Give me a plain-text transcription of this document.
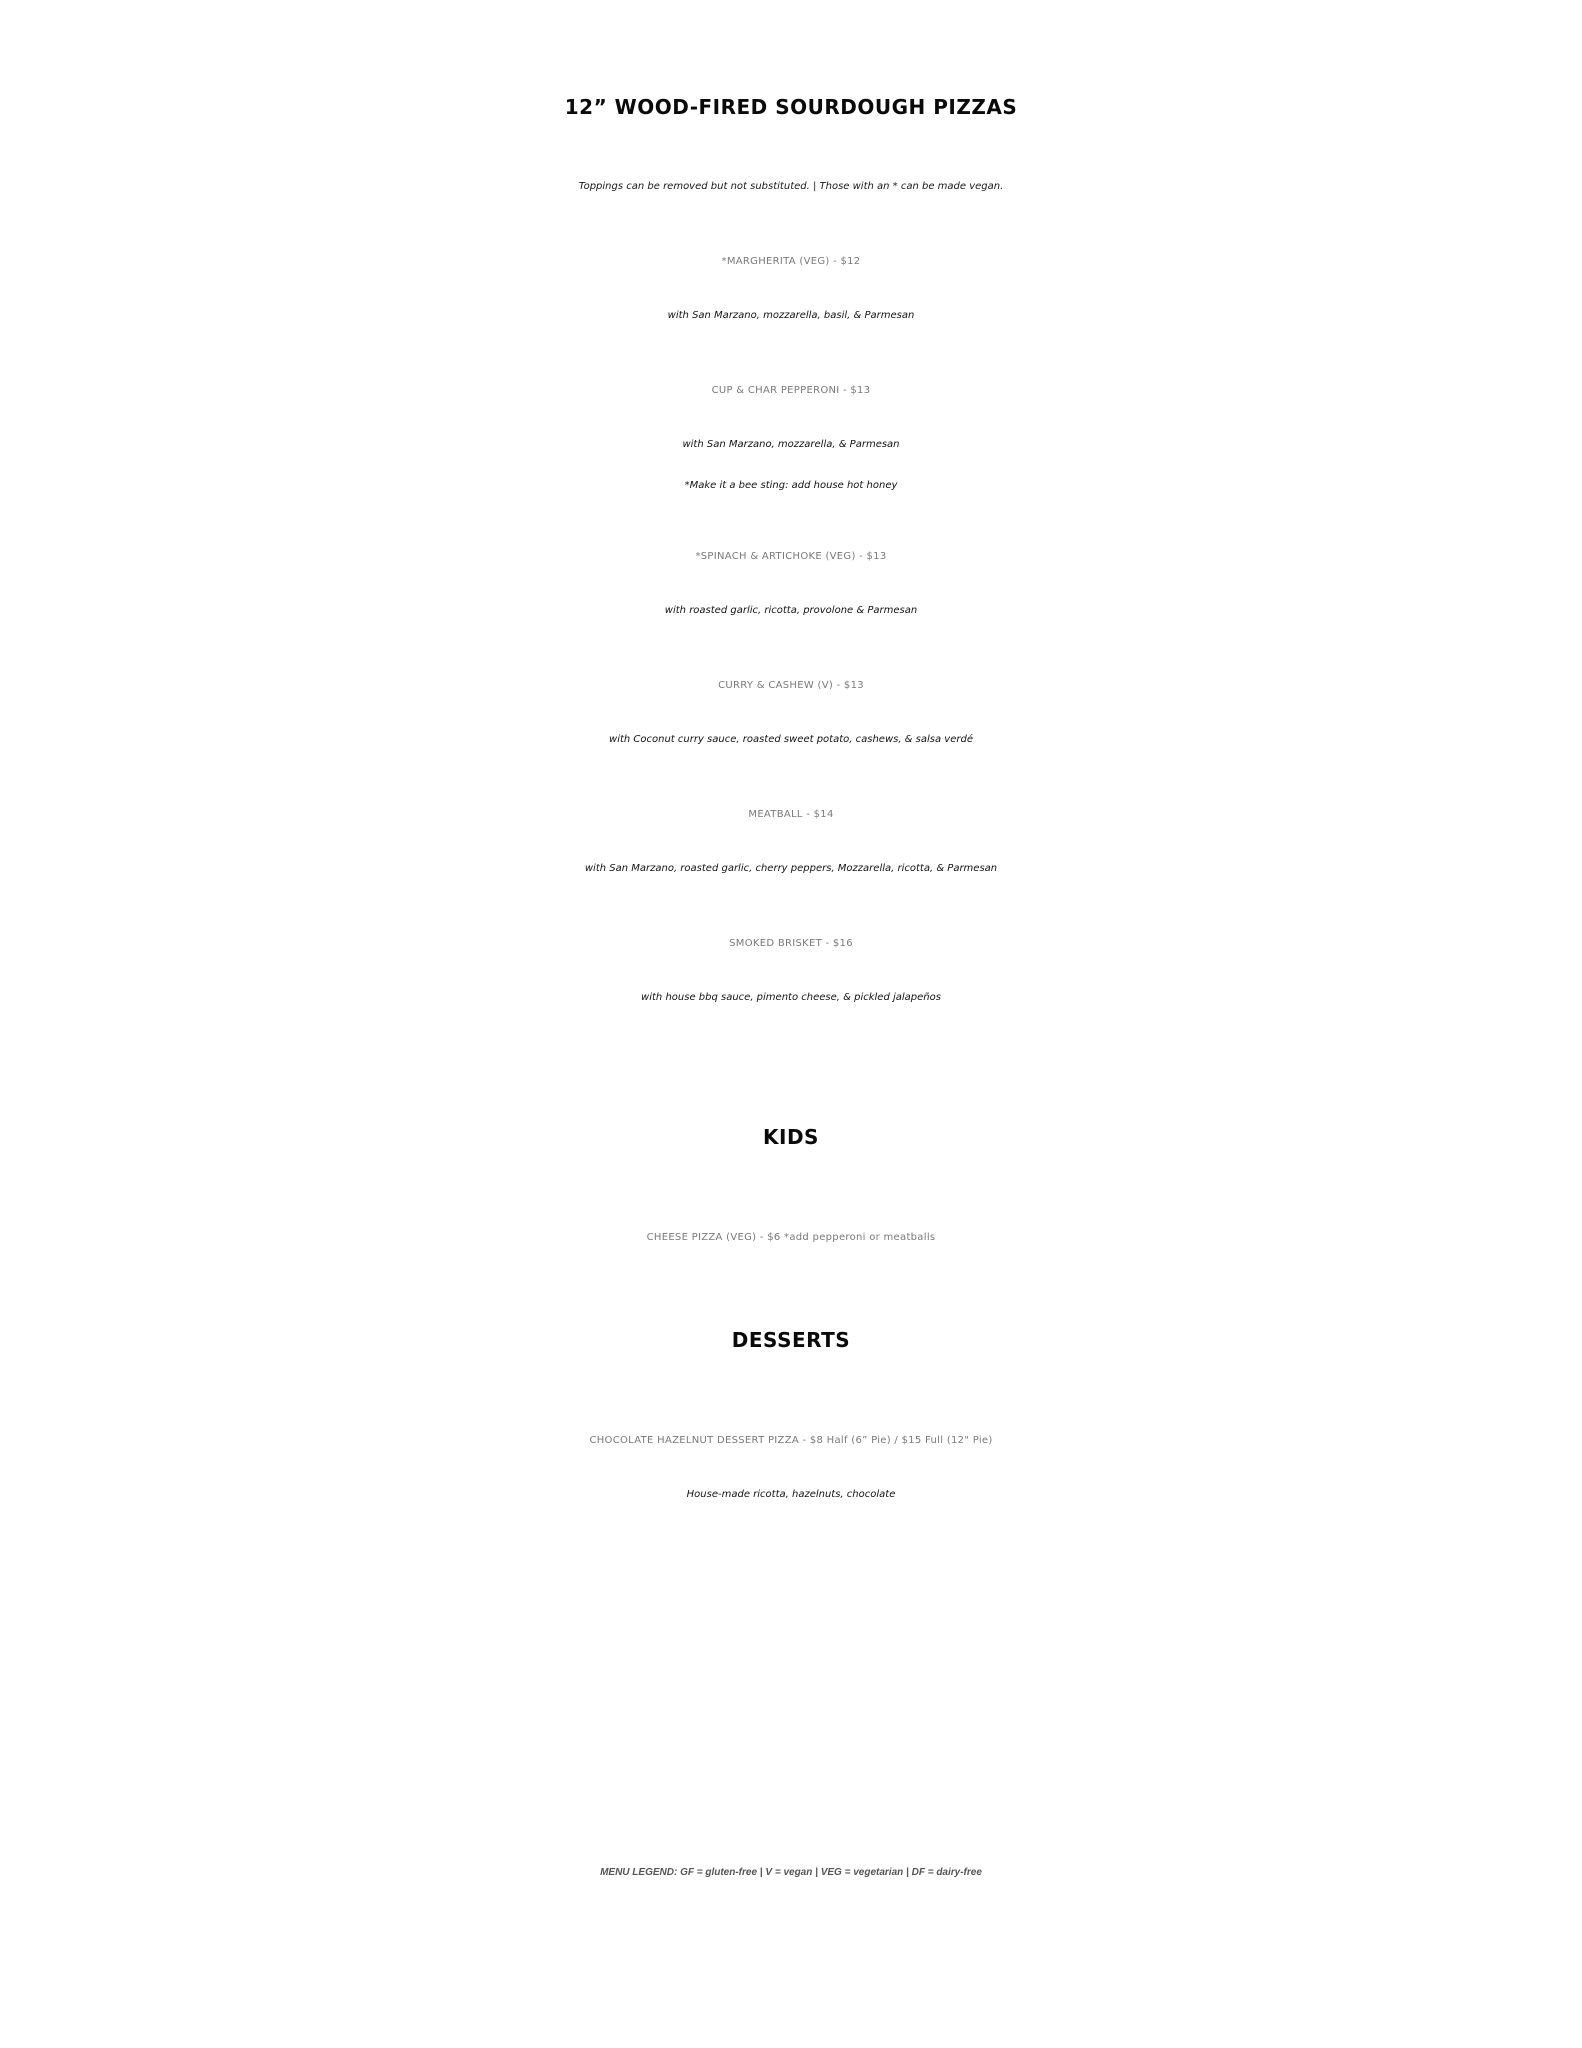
12” WOOD-FIRED SOURDOUGH PIZZAS
Toppings can be removed but not substituted. | Those with an * can be made vegan.
*MARGHERITA (VEG) - $12
with San Marzano, mozzarella, basil, & Parmesan
CUP & CHAR PEPPERONI - $13
with San Marzano, mozzarella, & Parmesan
*Make it a bee sting: add house hot honey
*SPINACH & ARTICHOKE (VEG) - $13
with roasted garlic, ricotta, provolone & Parmesan
CURRY & CASHEW (V) - $13
with Coconut curry sauce, roasted sweet potato, cashews, & salsa verdé
MEATBALL - $14
with San Marzano, roasted garlic, cherry peppers, Mozzarella, ricotta, & Parmesan
SMOKED BRISKET - $16
with house bbq sauce, pimento cheese, & pickled jalapeños
KIDS
CHEESE PIZZA (VEG) - $6 *add pepperoni or meatballs
DESSERTS
CHOCOLATE HAZELNUT DESSERT PIZZA - $8 Half (6” Pie) / $15 Full (12" Pie)
House-made ricotta, hazelnuts, chocolate
MENU LEGEND: GF = gluten-free | V = vegan | VEG = vegetarian | DF = dairy-free
